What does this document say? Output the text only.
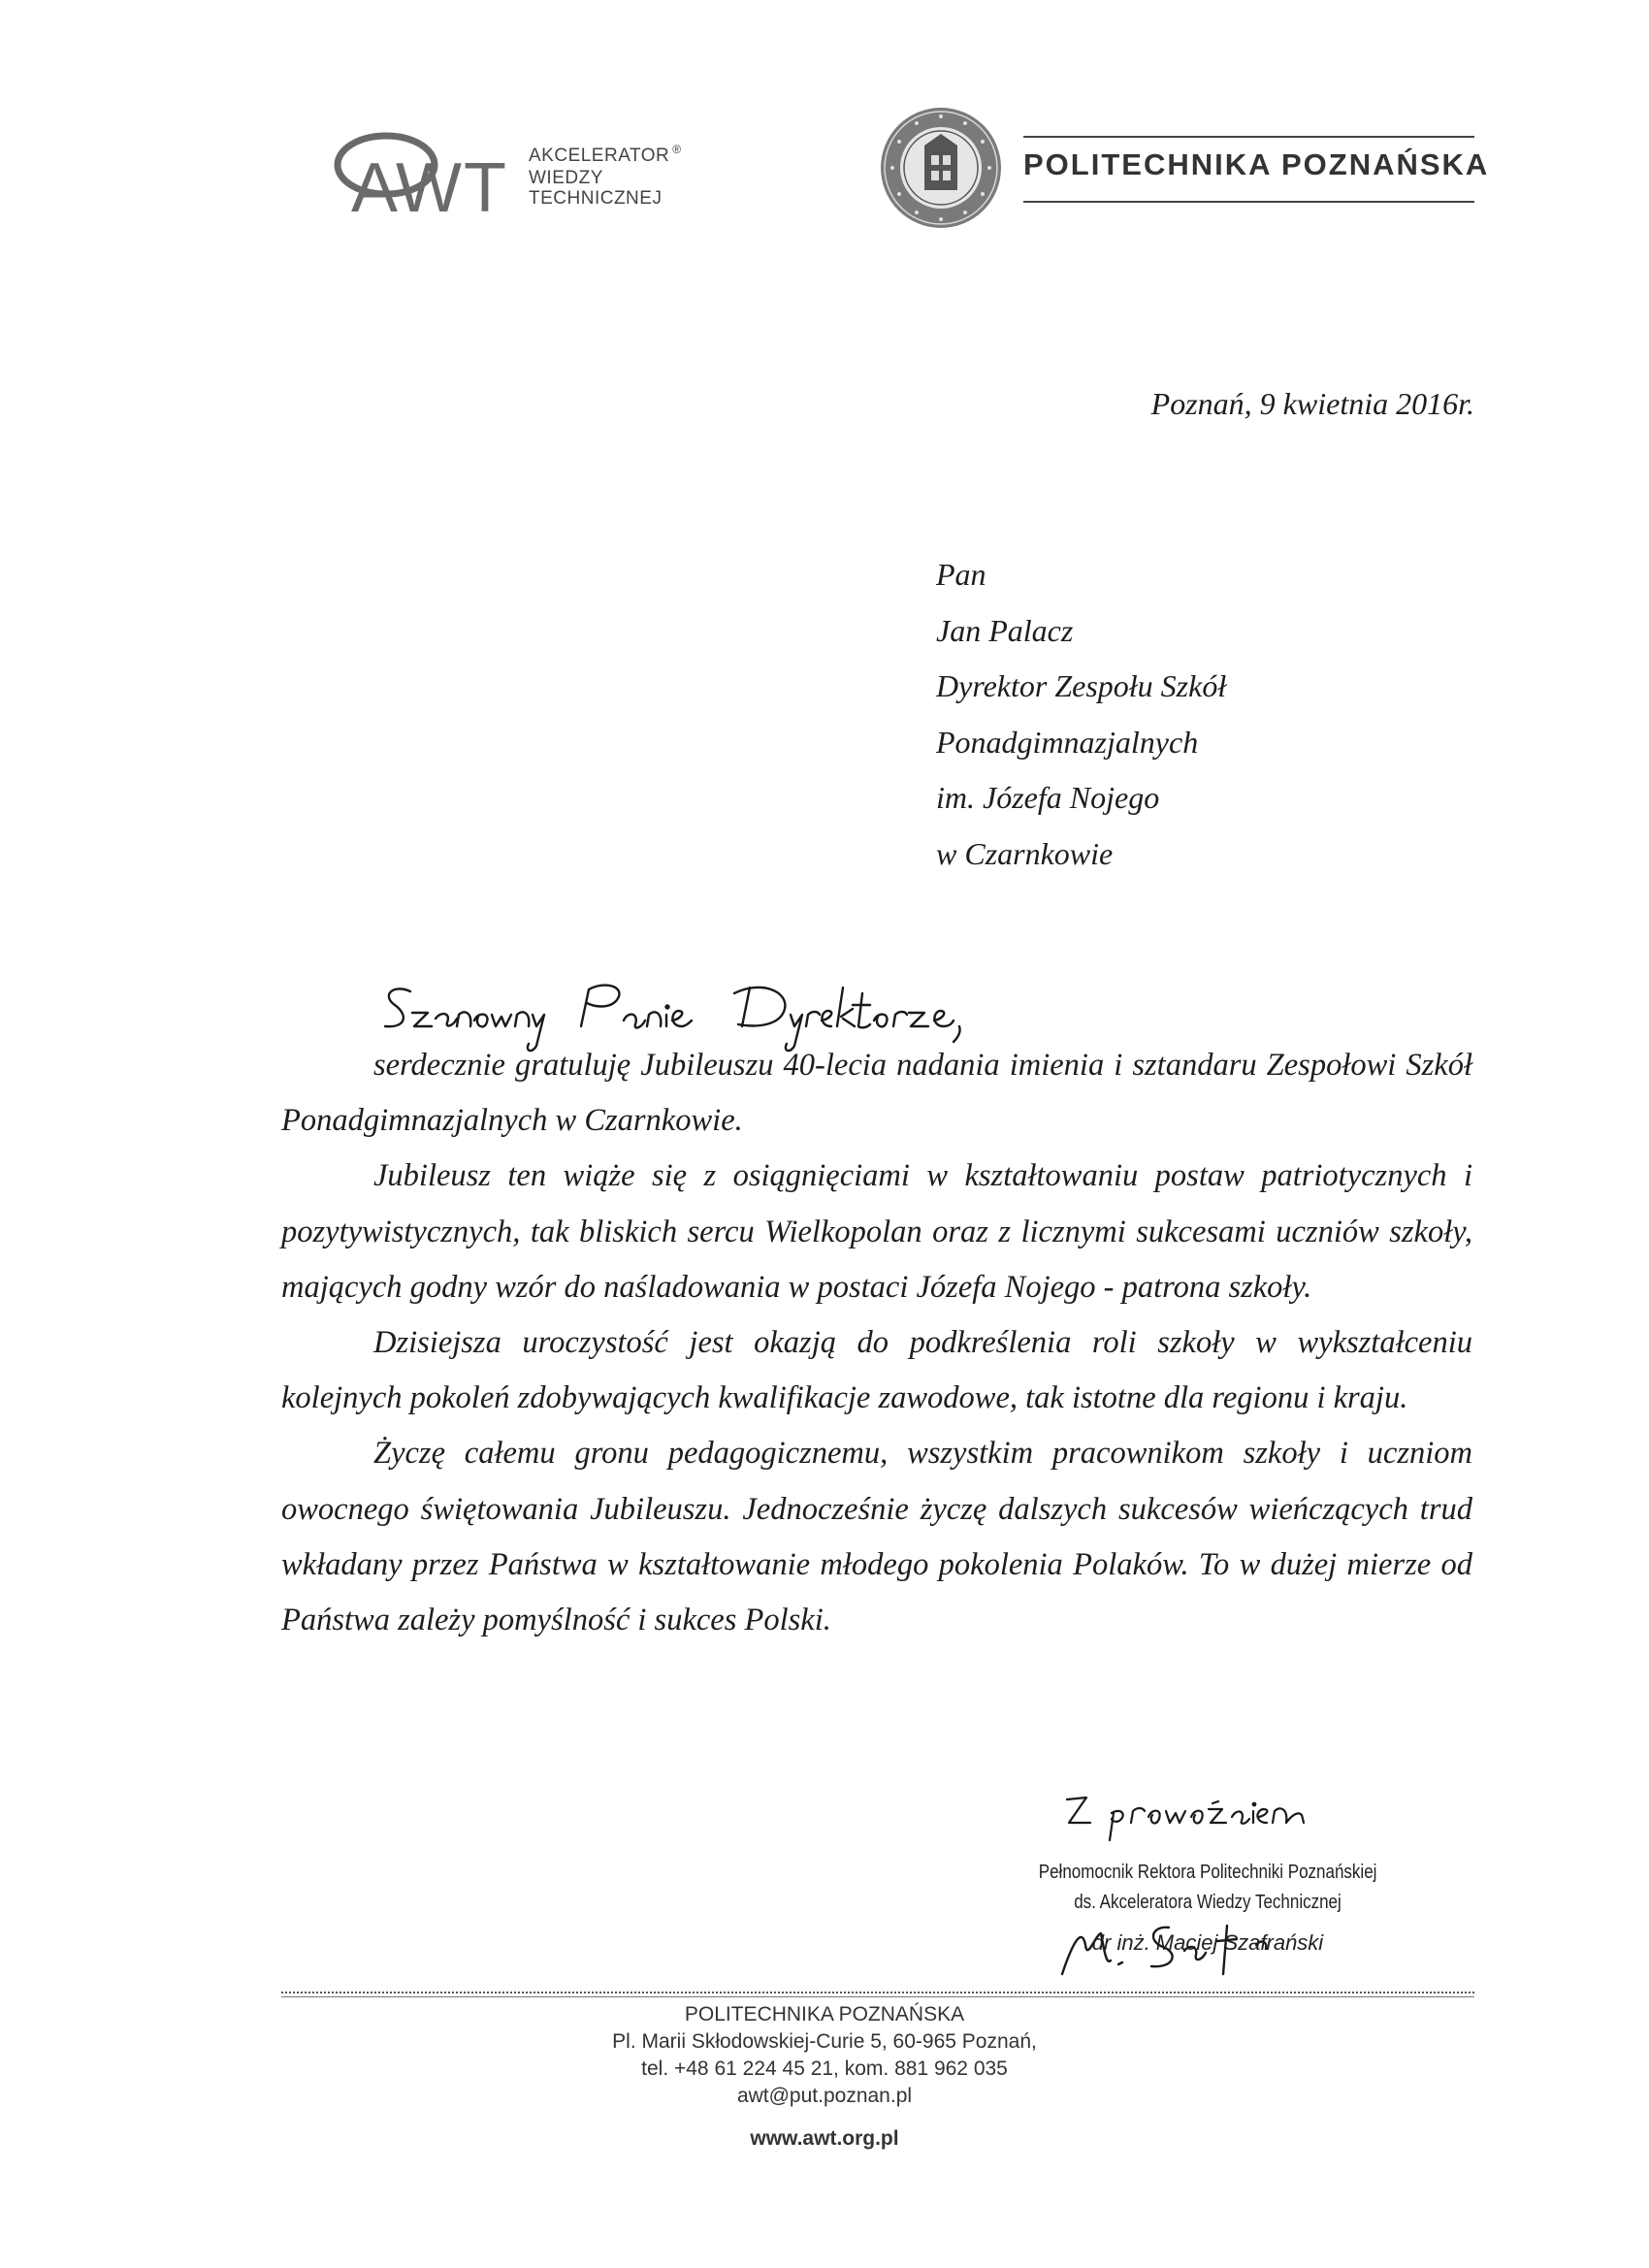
A W T AKCELERATOR ®
WIEDZY
TECHNICZNEJ
POLITECHNIKA POZNAŃSKA
Poznań, 9 kwietnia 2016r.
Pan
Jan Palacz
Dyrektor Zespołu Szkół
Ponadgimnazjalnych
im. Józefa Nojego
w Czarnkowie

serdecznie gratuluję Jubileuszu 40-lecia nadania imienia i sztandaru Zespołowi Szkół Ponadgimnazjalnych w Czarnkowie.

Jubileusz ten wiąże się z osiągnięciami w kształtowaniu postaw patriotycznych i pozytywistycznych, tak bliskich sercu Wielkopolan oraz z licznymi sukcesami uczniów szkoły, mających godny wzór do naśladowania w postaci Józefa Nojego - patrona szkoły.

Dzisiejsza uroczystość jest okazją do podkreślenia roli szkoły w wykształceniu kolejnych pokoleń zdobywających kwalifikacje zawodowe, tak istotne dla regionu i kraju.

Życzę całemu gronu pedagogicznemu, wszystkim pracownikom szkoły i uczniom owocnego świętowania Jubileuszu. Jednocześnie życzę dalszych sukcesów wieńczących trud wkładany przez Państwa w kształtowanie młodego pokolenia Polaków. To w dużej mierze od Państwa zależy pomyślność i sukces Polski.

Pełnomocnik Rektora Politechniki Poznańskiej
ds. Akceleratora Wiedzy Technicznej
dr inż. Maciej Szafrański
POLITECHNIKA POZNAŃSKA
Pl. Marii Skłodowskiej-Curie 5, 60-965 Poznań,
tel. +48 61 224 45 21, kom. 881 962 035
awt@put.poznan.pl
www.awt.org.pl
